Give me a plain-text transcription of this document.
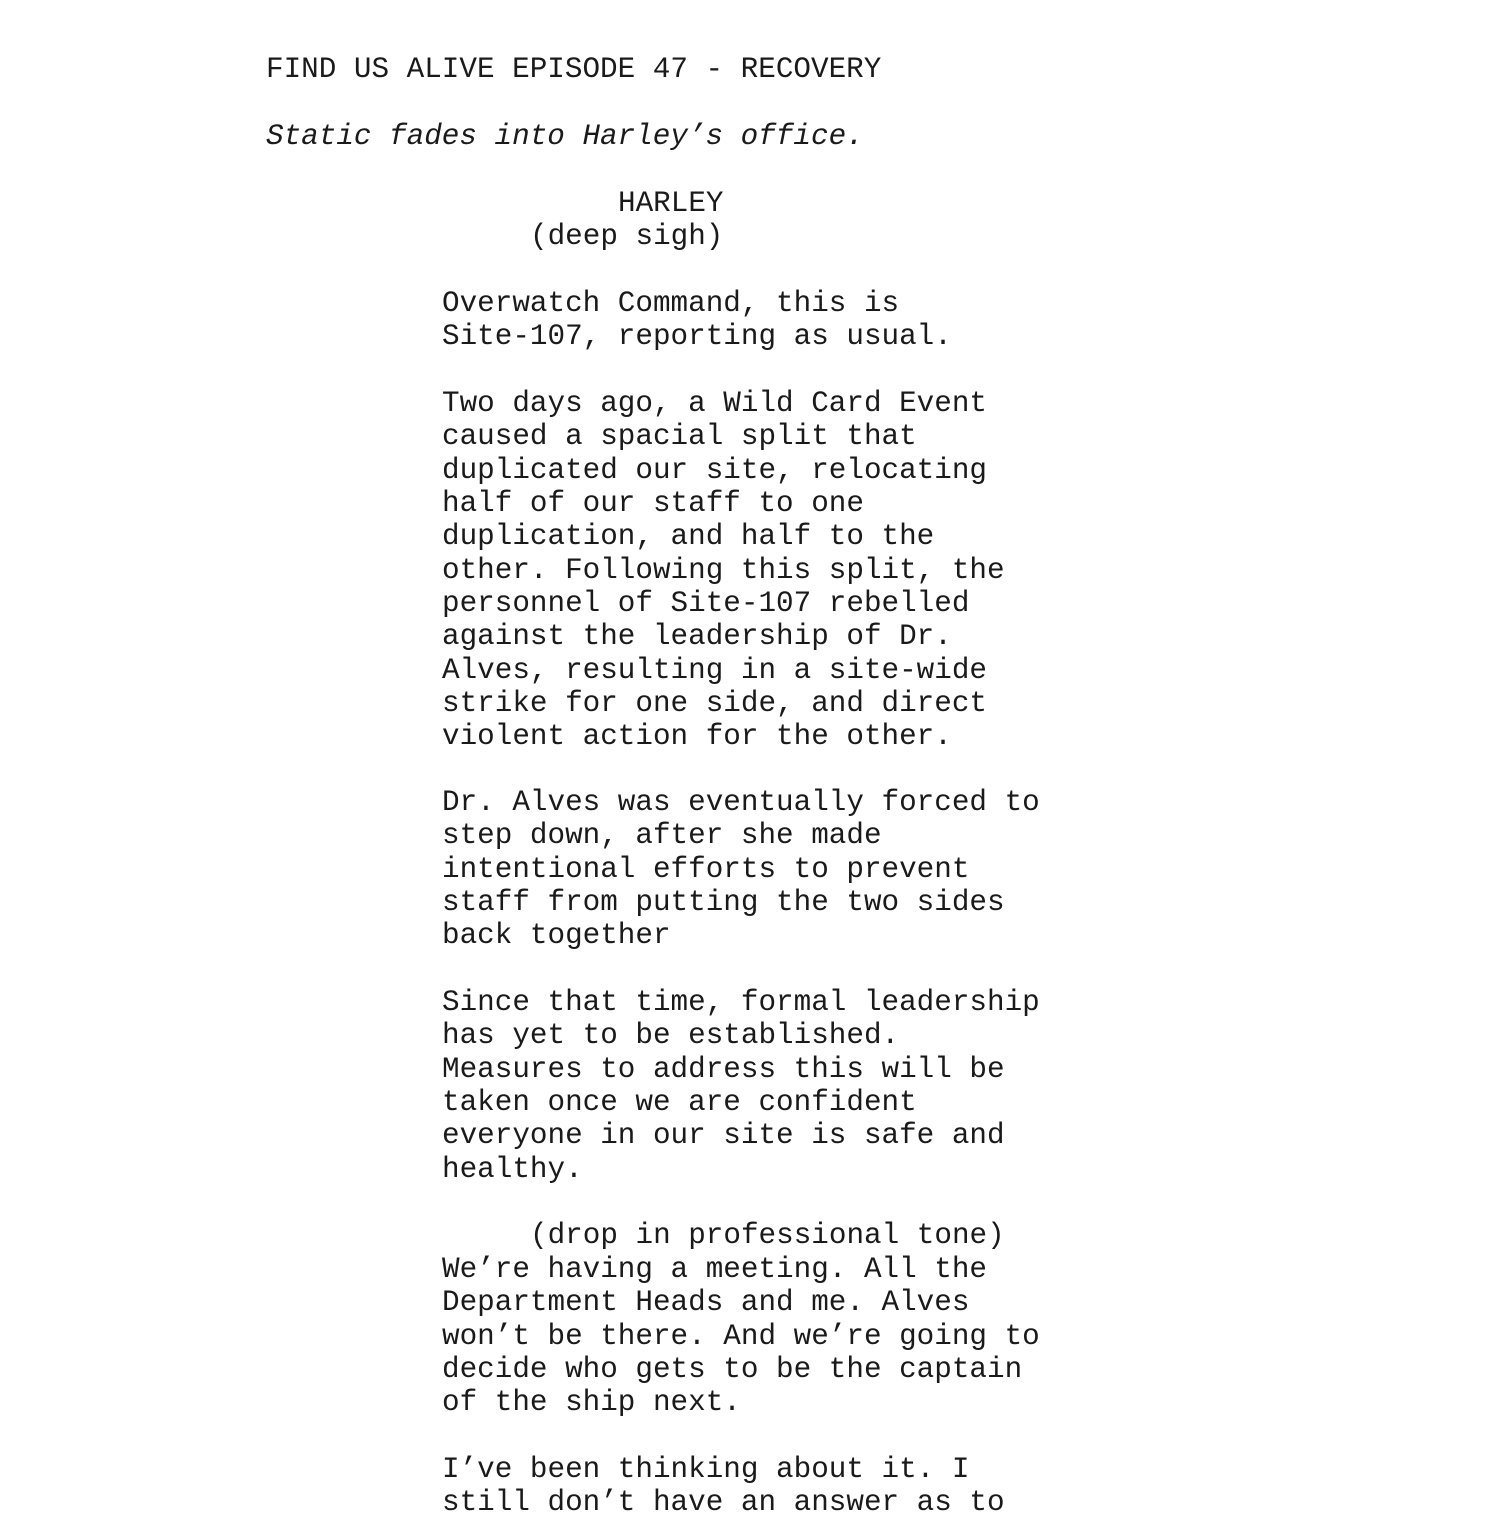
FIND US ALIVE EPISODE 47 - RECOVERY
Static fades into Harley’s office.
HARLEY
(deep sigh)
Overwatch Command, this is
Site-107, reporting as usual.
Two days ago, a Wild Card Event
caused a spacial split that
duplicated our site, relocating
half of our staff to one
duplication, and half to the
other. Following this split, the
personnel of Site-107 rebelled
against the leadership of Dr.
Alves, resulting in a site-wide
strike for one side, and direct
violent action for the other.
Dr. Alves was eventually forced to
step down, after she made
intentional efforts to prevent
staff from putting the two sides
back together
Since that time, formal leadership
has yet to be established.
Measures to address this will be
taken once we are confident
everyone in our site is safe and
healthy.
(drop in professional tone)
We’re having a meeting. All the
Department Heads and me. Alves
won’t be there. And we’re going to
decide who gets to be the captain
of the ship next.
I’ve been thinking about it. I
still don’t have an answer as to
